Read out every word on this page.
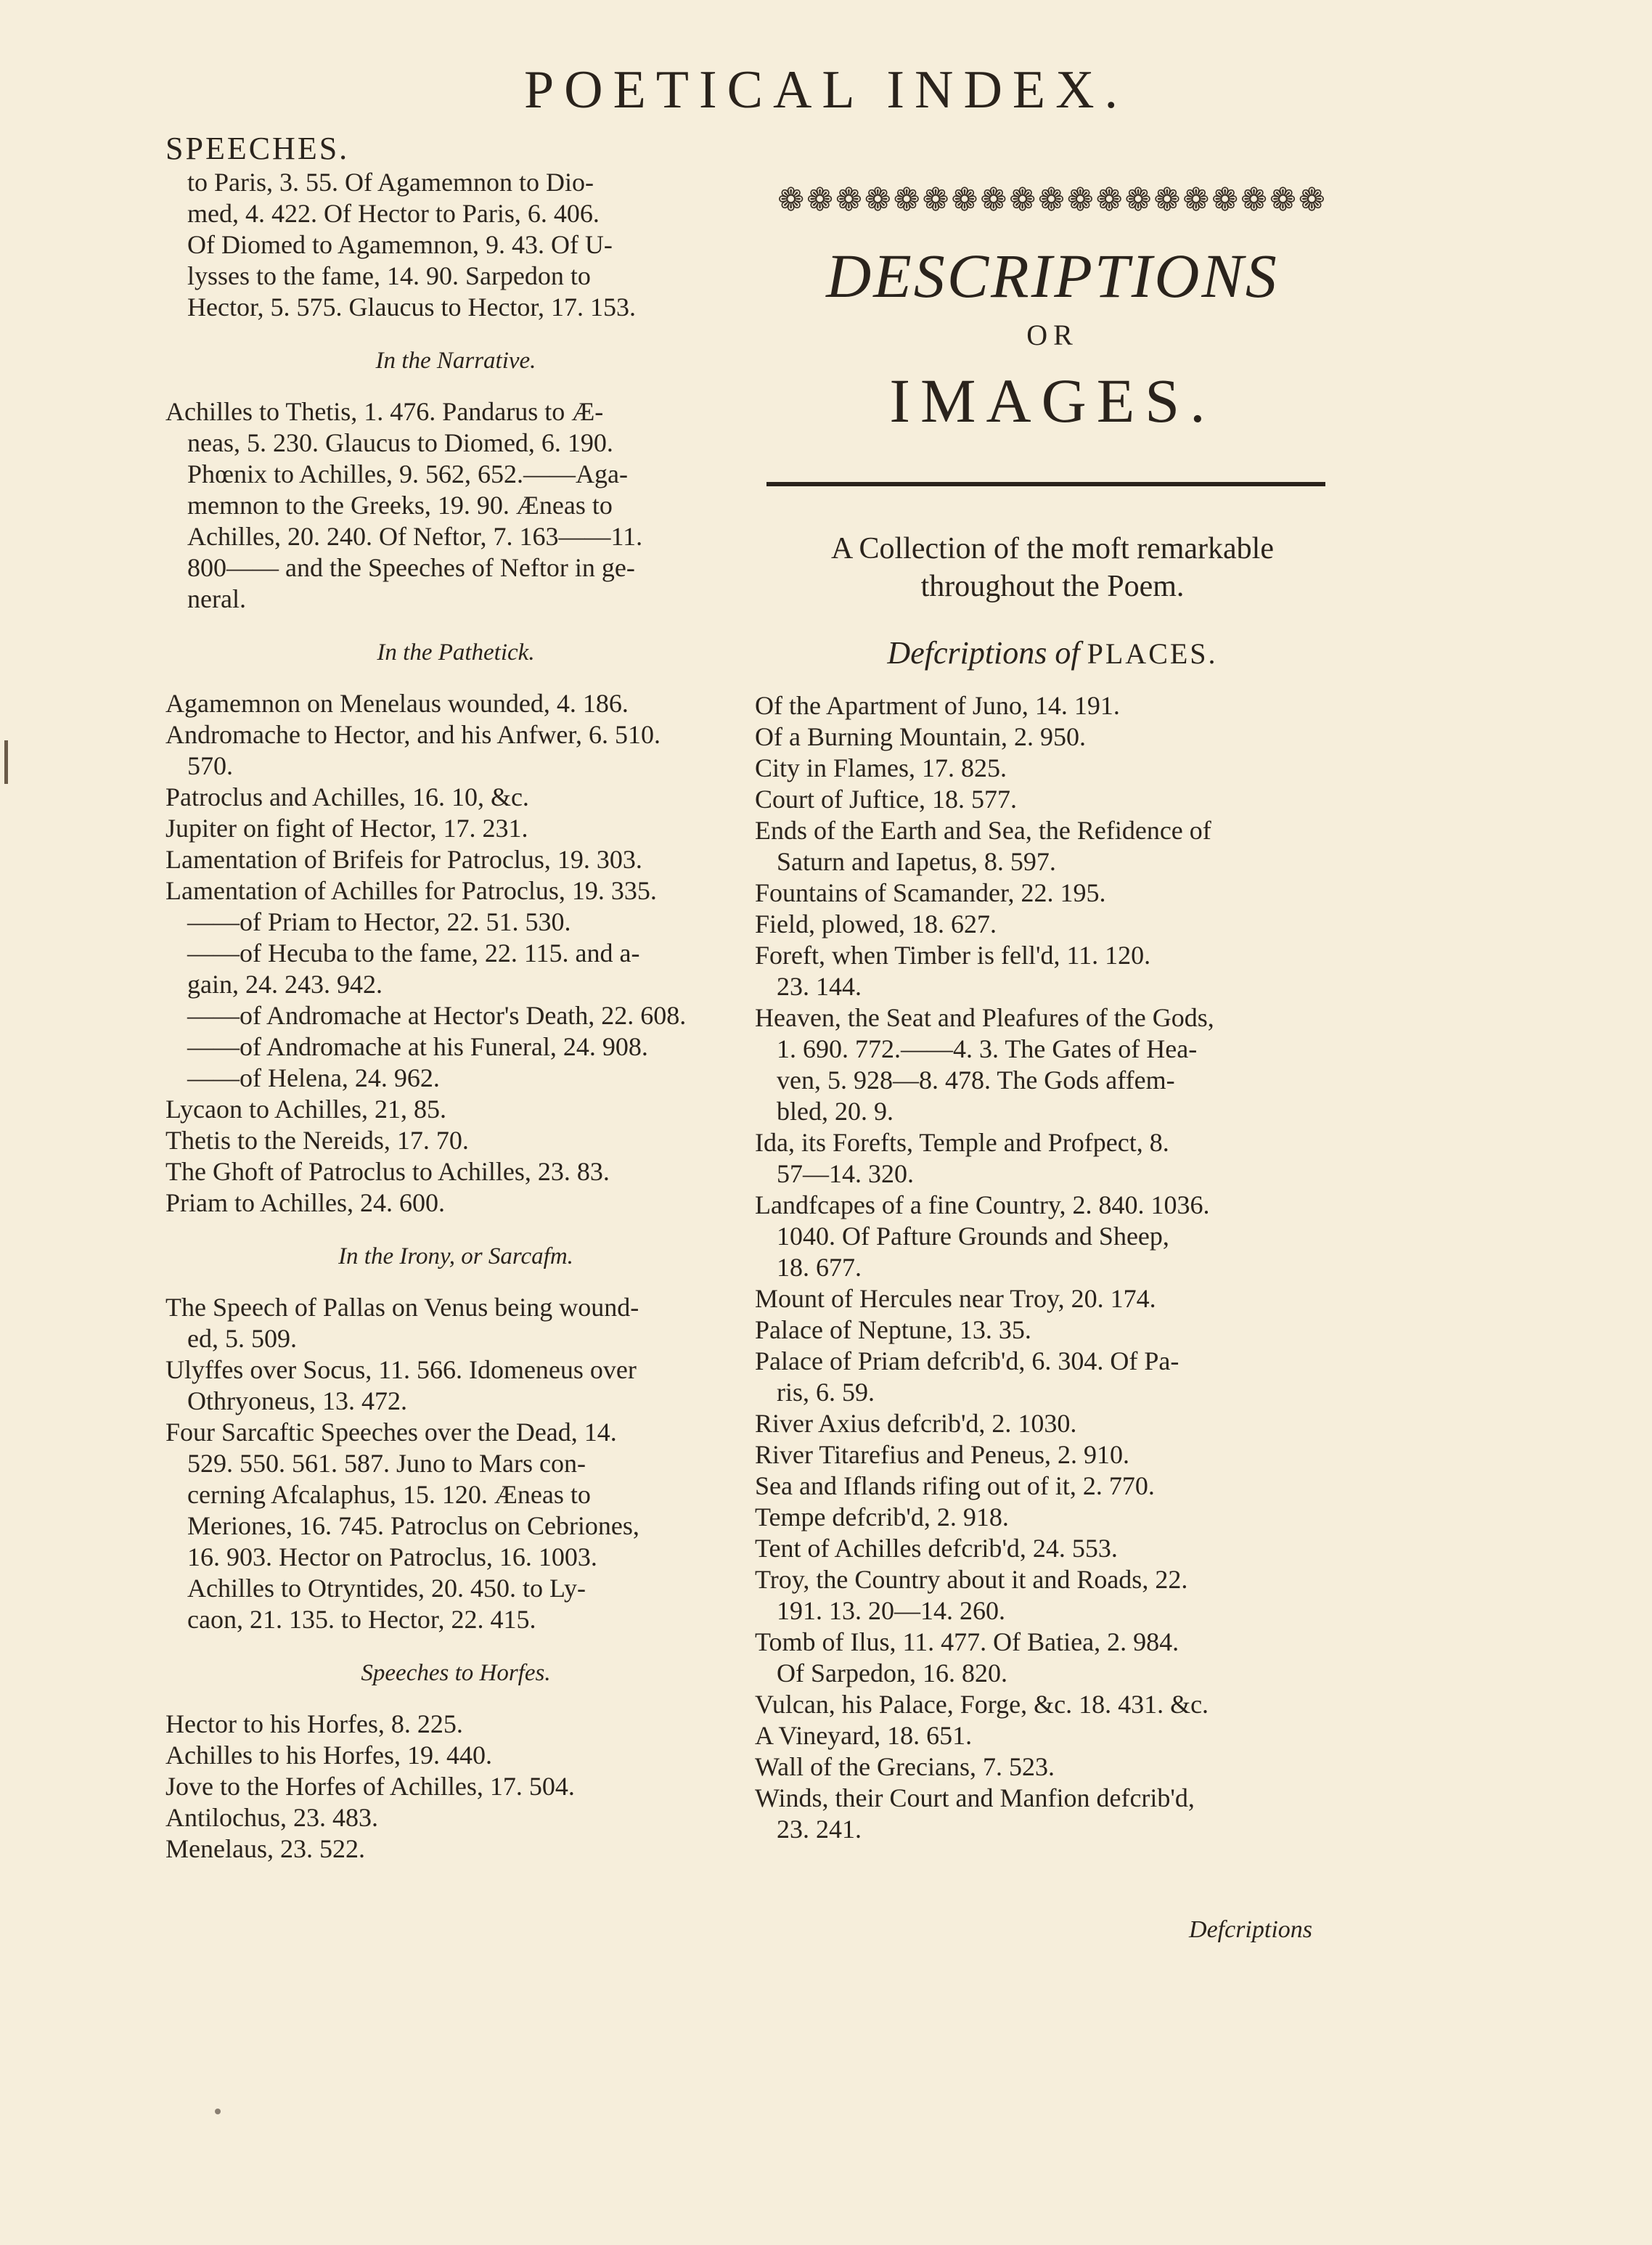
POETICAL INDEX.
SPEECHES.
to Paris, 3. 55. Of Agamemnon to Dio-
med, 4. 422. Of Hector to Paris, 6. 406.
Of Diomed to Agamemnon, 9. 43. Of U-
lysses to the fame, 14. 90. Sarpedon to
Hector, 5. 575. Glaucus to Hector, 17. 153.
In the Narrative.
Achilles to Thetis, 1. 476. Pandarus to Æ-
neas, 5. 230. Glaucus to Diomed, 6. 190.
Phœnix to Achilles, 9. 562, 652.——Aga-
memnon to the Greeks, 19. 90. Æneas to
Achilles, 20. 240. Of Neftor, 7. 163——11.
800—— and the Speeches of Neftor in ge-
neral.
In the Pathetick.
Agamemnon on Menelaus wounded, 4. 186.
Andromache to Hector, and his Anfwer, 6. 510.
570.
Patroclus and Achilles, 16. 10, &c.
Jupiter on fight of Hector, 17. 231.
Lamentation of Brifeis for Patroclus, 19. 303.
Lamentation of Achilles for Patroclus, 19. 335.
——of Priam to Hector, 22. 51. 530.
——of Hecuba to the fame, 22. 115. and a-
gain, 24. 243. 942.
——of Andromache at Hector's Death, 22. 608.
——of Andromache at his Funeral, 24. 908.
——of Helena, 24. 962.
Lycaon to Achilles, 21, 85.
Thetis to the Nereids, 17. 70.
The Ghoft of Patroclus to Achilles, 23. 83.
Priam to Achilles, 24. 600.
In the Irony, or Sarcafm.
The Speech of Pallas on Venus being wound-
ed, 5. 509.
Ulyffes over Socus, 11. 566. Idomeneus over
Othryoneus, 13. 472.
Four Sarcaftic Speeches over the Dead, 14.
529. 550. 561. 587. Juno to Mars con-
cerning Afcalaphus, 15. 120. Æneas to
Meriones, 16. 745. Patroclus on Cebriones,
16. 903. Hector on Patroclus, 16. 1003.
Achilles to Otryntides, 20. 450. to Ly-
caon, 21. 135. to Hector, 22. 415.
Speeches to Horfes.
Hector to his Horfes, 8. 225.
Achilles to his Horfes, 19. 440.
Jove to the Horfes of Achilles, 17. 504.
Antilochus, 23. 483.
Menelaus, 23. 522.
❁❁❁❁❁❁❁❁❁❁❁❁❁❁❁❁❁❁❁
DESCRIPTIONS
OR
IMAGES.
A Collection of the moft remarkable
throughout the Poem.
Defcriptions of PLACES.
Of the Apartment of Juno, 14. 191.
Of a Burning Mountain, 2. 950.
City in Flames, 17. 825.
Court of Juftice, 18. 577.
Ends of the Earth and Sea, the Refidence of
Saturn and Iapetus, 8. 597.
Fountains of Scamander, 22. 195.
Field, plowed, 18. 627.
Foreft, when Timber is fell'd, 11. 120.
23. 144.
Heaven, the Seat and Pleafures of the Gods,
1. 690. 772.——4. 3. The Gates of Hea-
ven, 5. 928—8. 478. The Gods affem-
bled, 20. 9.
Ida, its Forefts, Temple and Profpect, 8.
57—14. 320.
Landfcapes of a fine Country, 2. 840. 1036.
1040. Of Pafture Grounds and Sheep,
18. 677.
Mount of Hercules near Troy, 20. 174.
Palace of Neptune, 13. 35.
Palace of Priam defcrib'd, 6. 304. Of Pa-
ris, 6. 59.
River Axius defcrib'd, 2. 1030.
River Titarefius and Peneus, 2. 910.
Sea and Iflands rifing out of it, 2. 770.
Tempe defcrib'd, 2. 918.
Tent of Achilles defcrib'd, 24. 553.
Troy, the Country about it and Roads, 22.
191. 13. 20—14. 260.
Tomb of Ilus, 11. 477. Of Batiea, 2. 984.
Of Sarpedon, 16. 820.
Vulcan, his Palace, Forge, &c. 18. 431. &c.
A Vineyard, 18. 651.
Wall of the Grecians, 7. 523.
Winds, their Court and Manfion defcrib'd,
23. 241.
Defcriptions
